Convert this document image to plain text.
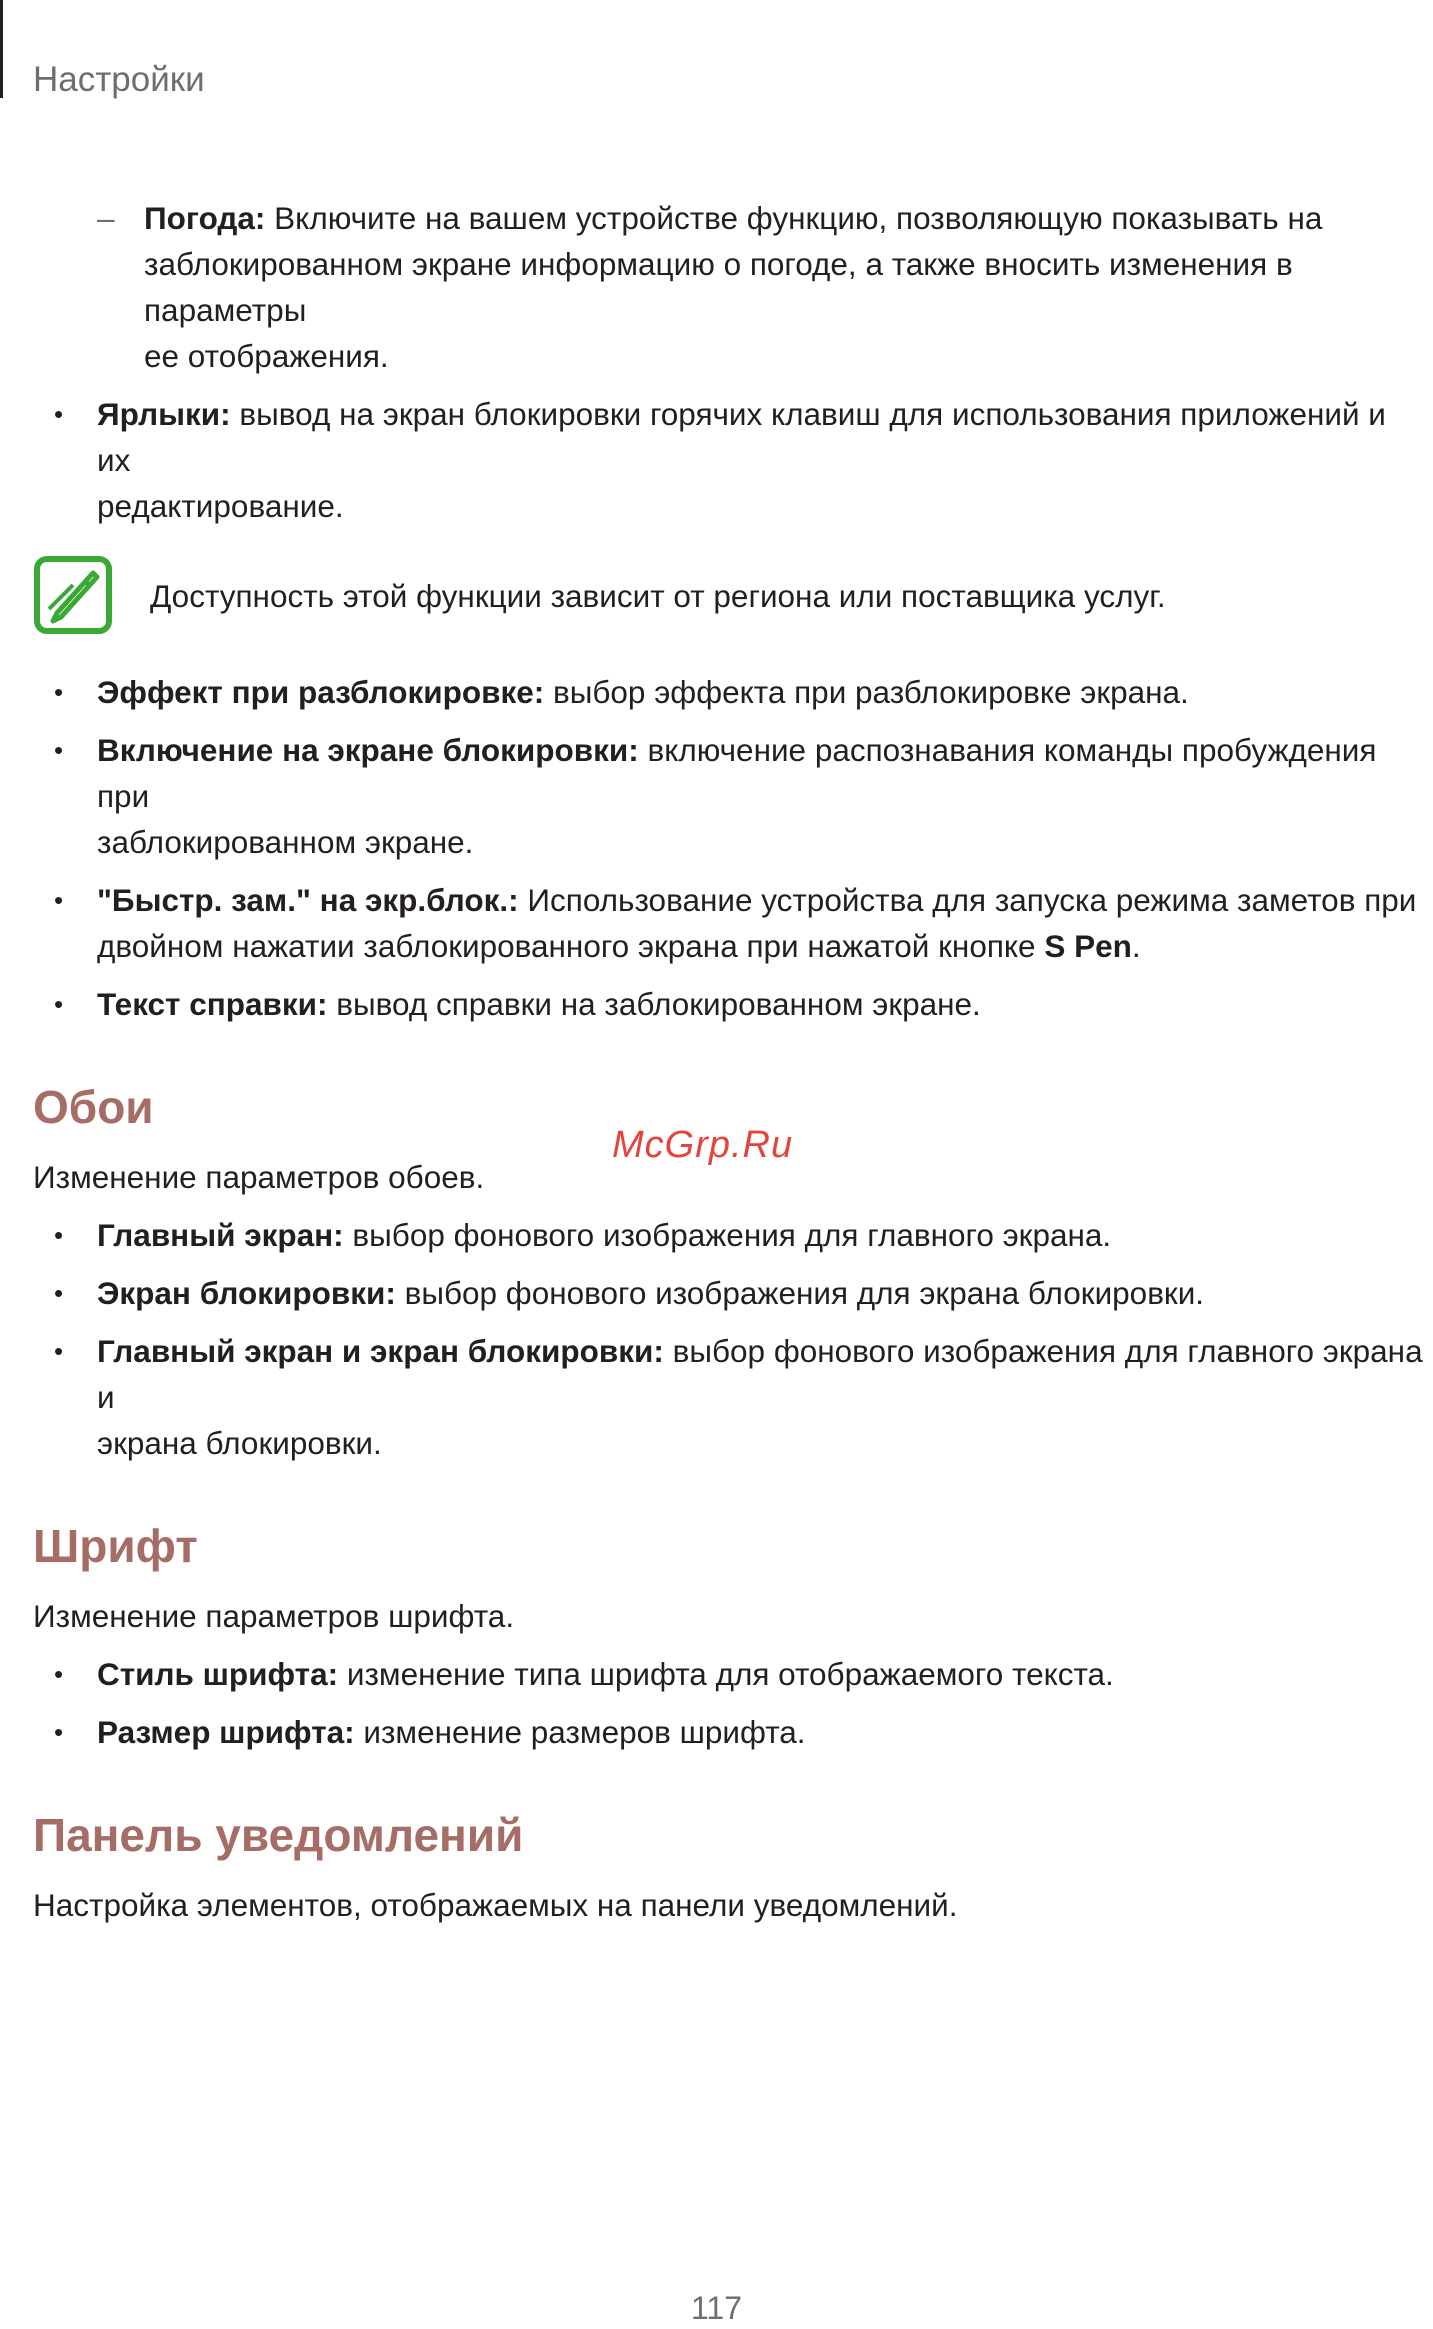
Настройки
– Погода: Включите на вашем устройстве функцию, позволяющую показывать на
заблокированном экране информацию о погоде, а также вносить изменения в параметры
ее отображения.
• Ярлыки: вывод на экран блокировки горячих клавиш для использования приложений и их
редактирование.
Доступность этой функции зависит от региона или поставщика услуг.
• Эффект при разблокировке: выбор эффекта при разблокировке экрана.
• Включение на экране блокировки: включение распознавания команды пробуждения при
заблокированном экране.
• "Быстр. зам." на экр.блок.: Использование устройства для запуска режима заметов при
двойном нажатии заблокированного экрана при нажатой кнопке S Pen.
• Текст справки: вывод справки на заблокированном экране.
Обои
Изменение параметров обоев.
• Главный экран: выбор фонового изображения для главного экрана.
• Экран блокировки: выбор фонового изображения для экрана блокировки.
• Главный экран и экран блокировки: выбор фонового изображения для главного экрана и
экрана блокировки.
Шрифт
Изменение параметров шрифта.
• Стиль шрифта: изменение типа шрифта для отображаемого текста.
• Размер шрифта: изменение размеров шрифта.
Панель уведомлений
Настройка элементов, отображаемых на панели уведомлений.
McGrp.Ru
117
